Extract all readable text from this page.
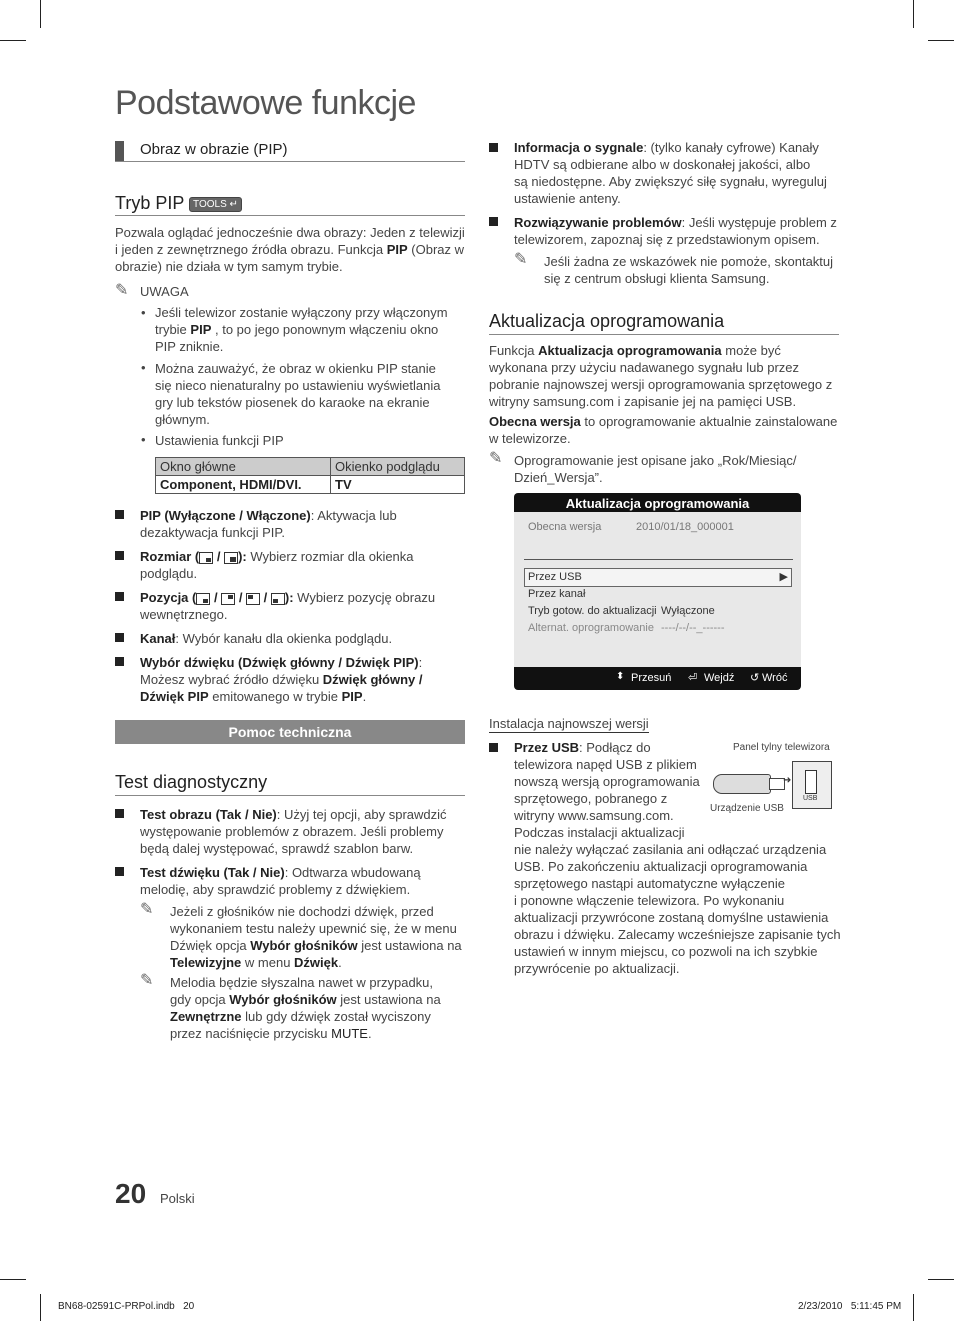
Podstawowe funkcje
Obraz w obrazie (PIP)
Tryb PIP TOOLS ↵
Pozwala oglądać jednocześnie dwa obrazy: Jeden z telewizji
i jeden z zewnętrznego źródła obrazu. Funkcja PIP (Obraz w
obrazie) nie działa w tym samym trybie.
✎ UWAGA
• Jeśli telewizor zostanie wyłączony przy włączonym
trybie PIP , to po jego ponownym włączeniu okno
PIP zniknie.
• Można zauważyć, że obraz w okienku PIP stanie
się nieco nienaturalny po ustawieniu wyświetlania
gry lub tekstów piosenek do karaoke na ekranie
głównym.
• Ustawienia funkcji PIP
Okno główne	Okienko podglądu
Component, HDMI/DVI.	TV
PIP (Wyłączone / Włączone): Aktywacja lub
dezaktywacja funkcji PIP.
Rozmiar (
/
): Wybierz rozmiar dla okienka
podglądu.
Pozycja (
/
/
/
): Wybierz pozycję obrazu
wewnętrznego.
Kanał: Wybór kanału dla okienka podglądu.
Wybór dźwięku (Dźwięk główny / Dźwięk PIP):
Możesz wybrać źródło dźwięku Dźwięk główny /
Dźwięk PIP emitowanego w trybie PIP.
Pomoc techniczna
Test diagnostyczny
Test obrazu (Tak / Nie): Użyj tej opcji, aby sprawdzić
występowanie problemów z obrazem. Jeśli problemy
będą dalej występować, sprawdź szablon barw.
Test dźwięku (Tak / Nie): Odtwarza wbudowaną
melodię, aby sprawdzić problemy z dźwiękiem.
✎ Jeżeli z głośników nie dochodzi dźwięk, przed
wykonaniem testu należy upewnić się, że w menu
Dźwięk opcja Wybór głośników jest ustawiona na
Telewizyjne w menu Dźwięk.
✎ Melodia będzie słyszalna nawet w przypadku,
gdy opcja Wybór głośników jest ustawiona na
Zewnętrzne lub gdy dźwięk został wyciszony
przez naciśnięcie przycisku MUTE.
Informacja o sygnale: (tylko kanały cyfrowe) Kanały
HDTV są odbierane albo w doskonałej jakości, albo
są niedostępne. Aby zwiększyć siłę sygnału, wyreguluj
ustawienie anteny.
Rozwiązywanie problemów: Jeśli występuje problem z
telewizorem, zapoznaj się z przedstawionym opisem.
✎ Jeśli żadna ze wskazówek nie pomoże, skontaktuj
się z centrum obsługi klienta Samsung.
Aktualizacja oprogramowania
Funkcja Aktualizacja oprogramowania może być
wykonana przy użyciu nadawanego sygnału lub przez
pobranie najnowszej wersji oprogramowania sprzętowego z
witryny samsung.com i zapisanie jej na pamięci USB.
Obecna wersja to oprogramowanie aktualnie zainstalowane
w telewizorze.
✎ Oprogramowanie jest opisane jako „Rok/Miesiąc/
Dzień_Wersja”.
Aktualizacja oprogramowania
Obecna wersja	2010/01/18_000001
Przez USB	▶
Przez kanał
Tryb gotow. do aktualizacji Wyłączone
Alternat. oprogramowanie ----/--/--_------
⬍ Przesuń ⏎ Wejdź ↺ Wróć
Instalacja najnowszej wersji
Przez USB: Podłącz do
telewizora napęd USB z plikiem
nowszą wersją oprogramowania
sprzętowego, pobranego z
witryny www.samsung.com.
Podczas instalacji aktualizacji
nie należy wyłączać zasilania ani odłączać urządzenia
USB. Po zakończeniu aktualizacji oprogramowania
sprzętowego nastąpi automatyczne wyłączenie
i ponowne włączenie telewizora. Po wykonaniu
aktualizacji przywrócone zostaną domyślne ustawienia
obrazu i dźwięku. Zalecamy wcześniejsze zapisanie tych
ustawień w innym miejscu, co pozwoli na ich szybkie
przywrócenie po aktualizacji.
Panel tylny telewizora
USB
➜
Urządzenie USB
20 Polski
BN68-02591C-PRPol.indb   20	2/23/2010   5:11:45 PM
